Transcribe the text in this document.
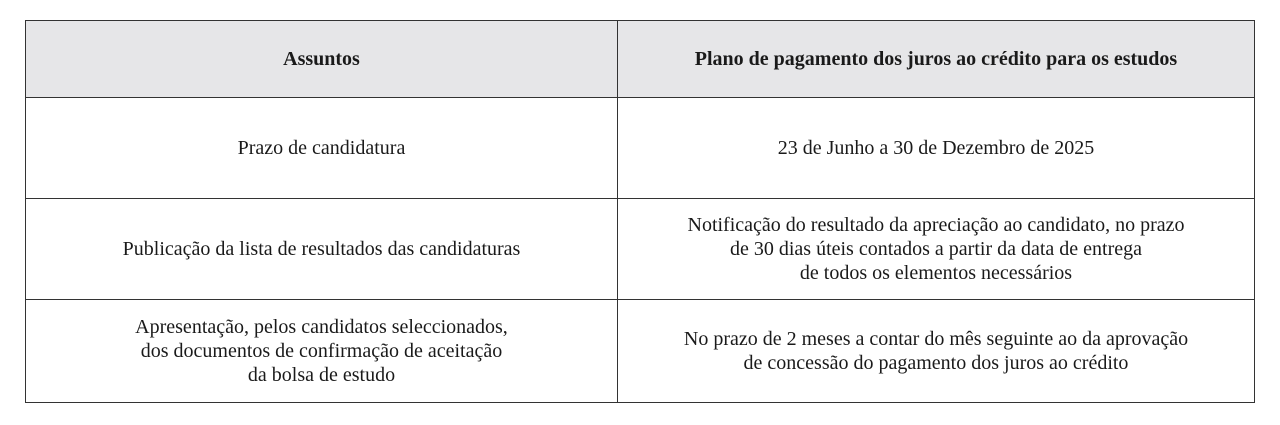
Assuntos	Plano de pagamento dos juros ao crédito para os estudos

Prazo de candidatura	23 de Junho a 30 de Dezembro de 2025

Publicação da lista de resultados das candidaturas	Notificação do resultado da apreciação ao candidato, no prazo
de 30 dias úteis contados a partir da data de entrega
de todos os elementos necessários

Apresentação, pelos candidatos seleccionados,
dos documentos de confirmação de aceitação
da bolsa de estudo	No prazo de 2 meses a contar do mês seguinte ao da aprovação
de concessão do pagamento dos juros ao crédito
